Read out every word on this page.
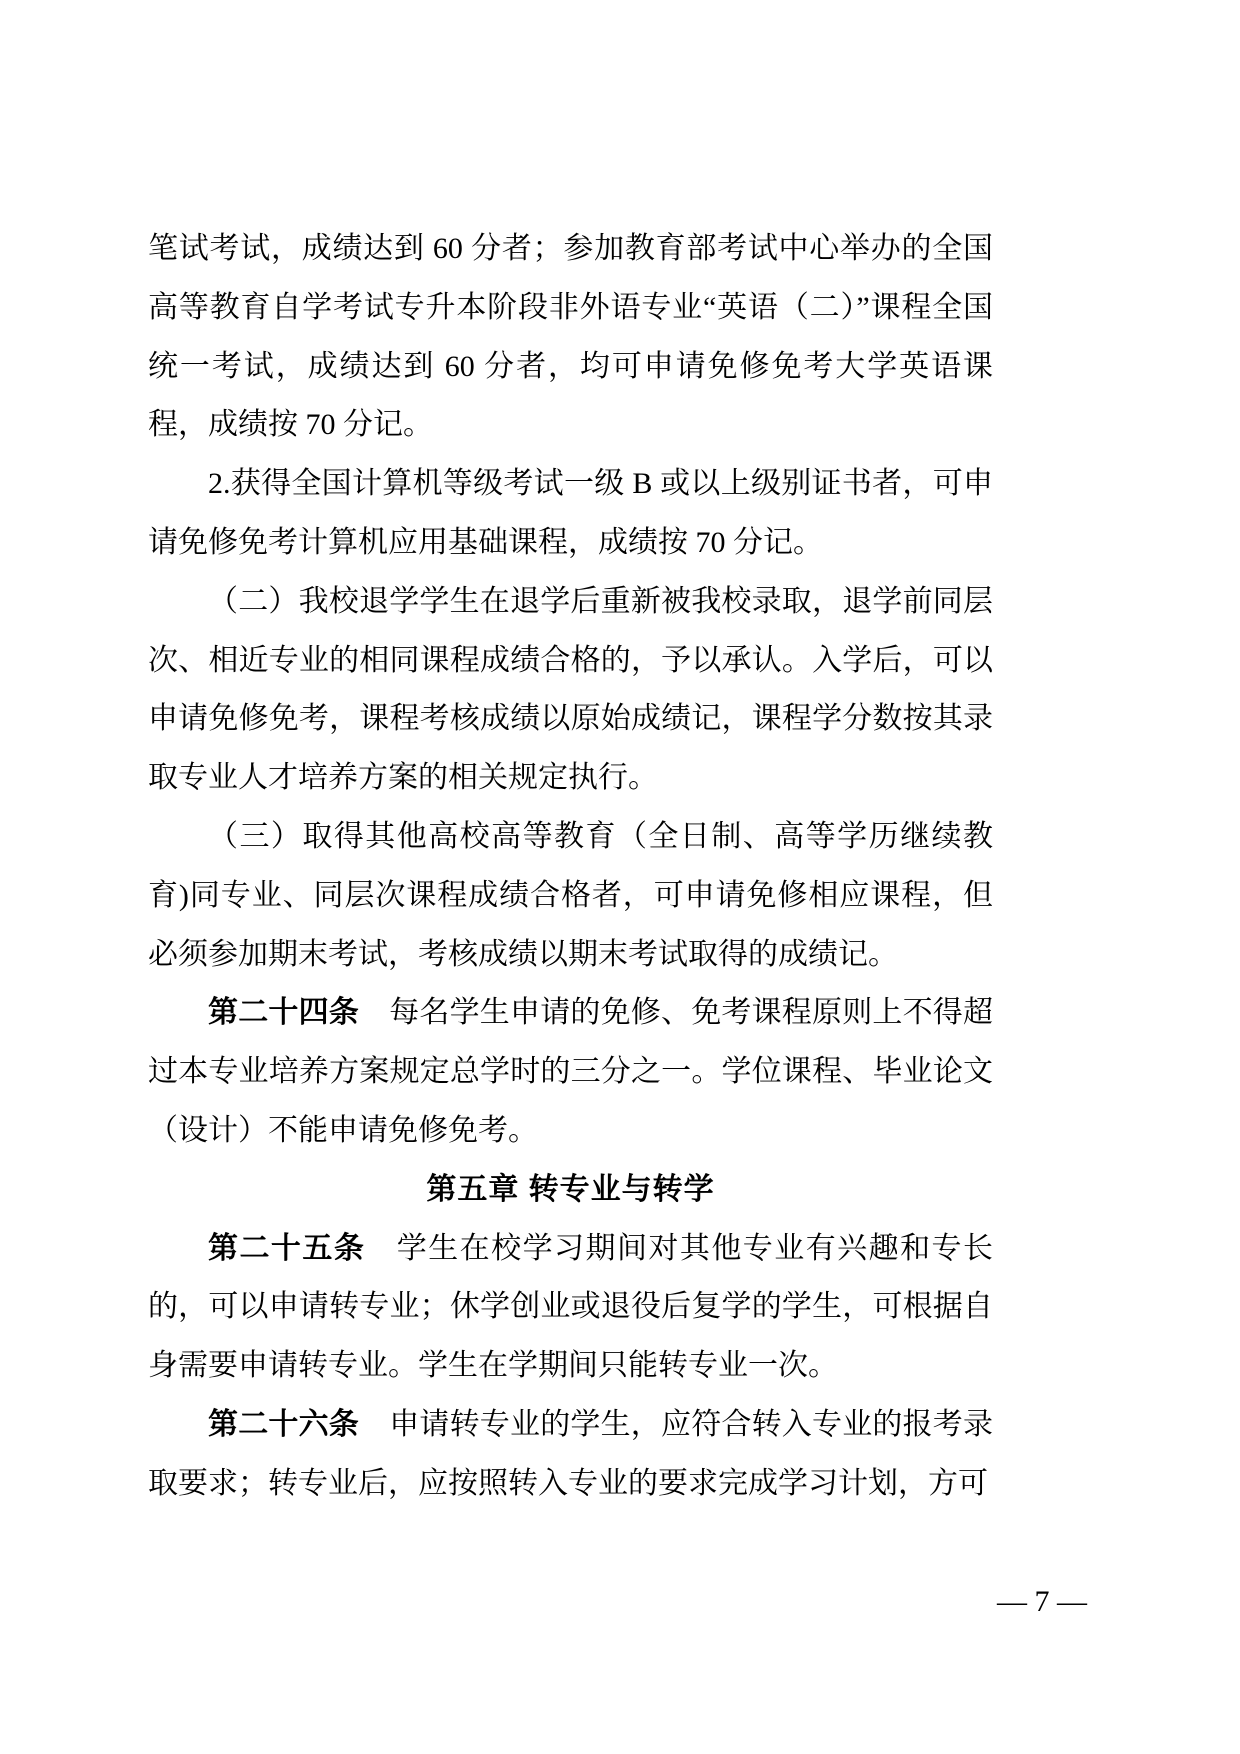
笔试考试，成绩达到 60 分者；参加教育部考试中心举办的全国高等教育自学考试专升本阶段非外语专业“英语（二）”课程全国统一考试，成绩达到 60 分者，均可申请免修免考大学英语课程，成绩按 70 分记。

2.获得全国计算机等级考试一级 B 或以上级别证书者，可申请免修免考计算机应用基础课程，成绩按 70 分记。

（二）我校退学学生在退学后重新被我校录取，退学前同层次、相近专业的相同课程成绩合格的，予以承认。入学后，可以申请免修免考，课程考核成绩以原始成绩记，课程学分数按其录取专业人才培养方案的相关规定执行。

（三）取得其他高校高等教育（全日制、高等学历继续教育)同专业、同层次课程成绩合格者，可申请免修相应课程，但必须参加期末考试，考核成绩以期末考试取得的成绩记。

第二十四条　每名学生申请的免修、免考课程原则上不得超过本专业培养方案规定总学时的三分之一。学位课程、毕业论文（设计）不能申请免修免考。

第五章 转专业与转学

第二十五条　学生在校学习期间对其他专业有兴趣和专长的，可以申请转专业；休学创业或退役后复学的学生，可根据自身需要申请转专业。学生在学期间只能转专业一次。

第二十六条　申请转专业的学生，应符合转入专业的报考录取要求；转专业后，应按照转入专业的要求完成学习计划，方可

— 7 —
